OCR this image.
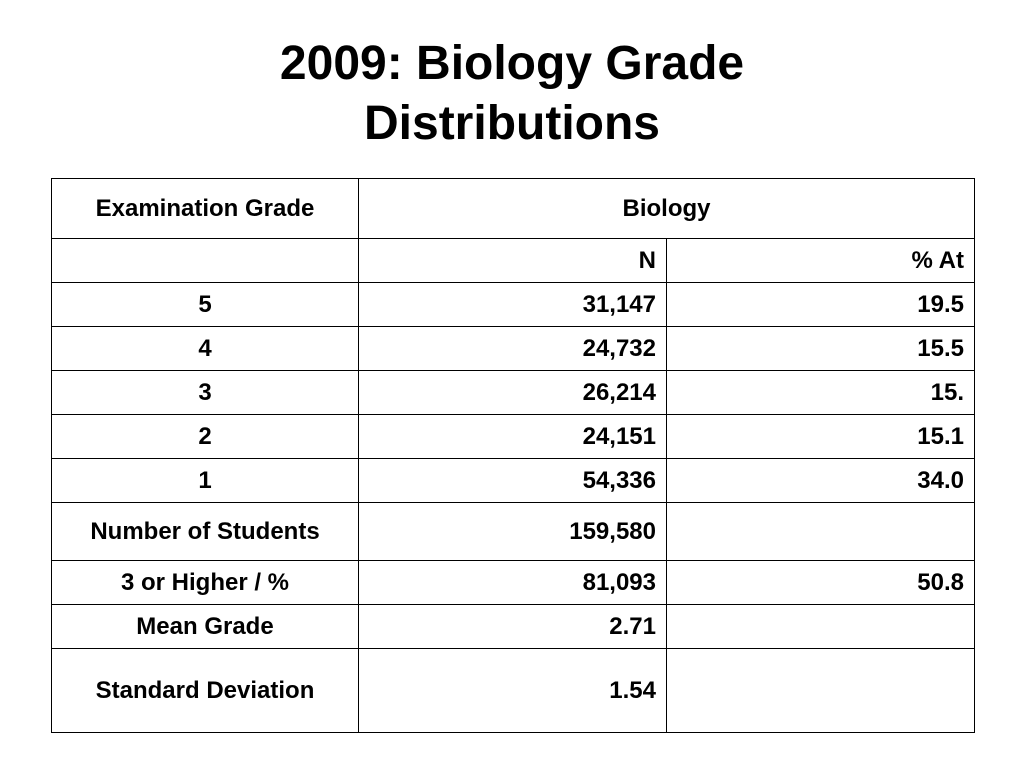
2009: Biology Grade
Distributions
Examination Grade	Biology	
	N	% At
5	31,147	19.5
4	24,732	15.5
3	26,214	15.
2	24,151	15.1
1	54,336	34.0
Number of Students	159,580	
3 or Higher / %	81,093	50.8
Mean Grade	2.71	
Standard Deviation	1.54	
